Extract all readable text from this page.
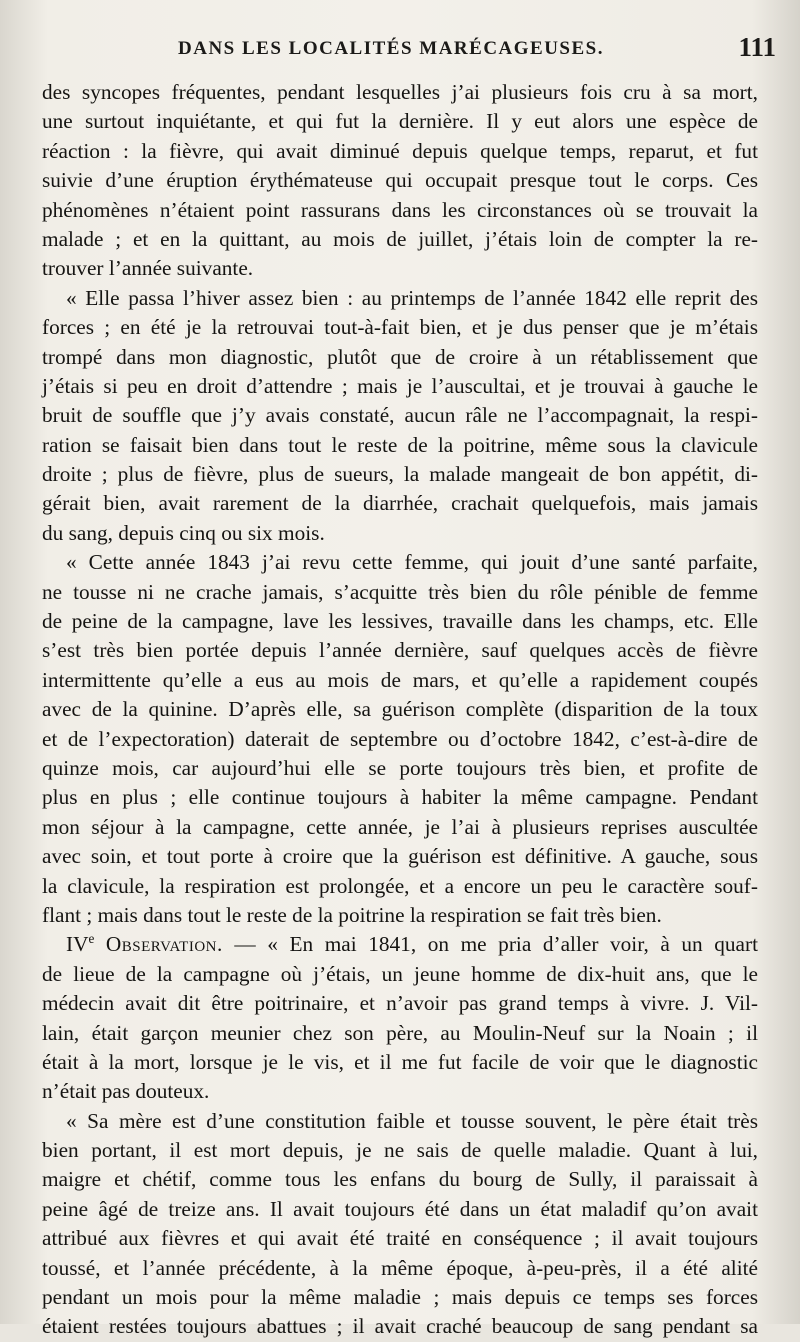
DANS LES LOCALITÉS MARÉCAGEUSES.	111
des syncopes fréquentes, pendant lesquelles j’ai plusieurs fois cru à sa mort,
une surtout inquiétante, et qui fut la dernière. Il y eut alors une espèce de
réaction : la fièvre, qui avait diminué depuis quelque temps, reparut, et fut
suivie d’une éruption érythémateuse qui occupait presque tout le corps. Ces
phénomènes n’étaient point rassurans dans les circonstances où se trouvait la
malade ; et en la quittant, au mois de juillet, j’étais loin de compter la re-
trouver l’année suivante.
« Elle passa l’hiver assez bien : au printemps de l’année 1842 elle reprit des
forces ; en été je la retrouvai tout-à-fait bien, et je dus penser que je m’étais
trompé dans mon diagnostic, plutôt que de croire à un rétablissement que
j’étais si peu en droit d’attendre ; mais je l’auscultai, et je trouvai à gauche le
bruit de souffle que j’y avais constaté, aucun râle ne l’accompagnait, la respi-
ration se faisait bien dans tout le reste de la poitrine, même sous la clavicule
droite ; plus de fièvre, plus de sueurs, la malade mangeait de bon appétit, di-
gérait bien, avait rarement de la diarrhée, crachait quelquefois, mais jamais
du sang, depuis cinq ou six mois.
« Cette année 1843 j’ai revu cette femme, qui jouit d’une santé parfaite,
ne tousse ni ne crache jamais, s’acquitte très bien du rôle pénible de femme
de peine de la campagne, lave les lessives, travaille dans les champs, etc. Elle
s’est très bien portée depuis l’année dernière, sauf quelques accès de fièvre
intermittente qu’elle a eus au mois de mars, et qu’elle a rapidement coupés
avec de la quinine. D’après elle, sa guérison complète (disparition de la toux
et de l’expectoration) daterait de septembre ou d’octobre 1842, c’est-à-dire de
quinze mois, car aujourd’hui elle se porte toujours très bien, et profite de
plus en plus ; elle continue toujours à habiter la même campagne. Pendant
mon séjour à la campagne, cette année, je l’ai à plusieurs reprises auscultée
avec soin, et tout porte à croire que la guérison est définitive. A gauche, sous
la clavicule, la respiration est prolongée, et a encore un peu le caractère souf-
flant ; mais dans tout le reste de la poitrine la respiration se fait très bien.
IVe Observation. — « En mai 1841, on me pria d’aller voir, à un quart
de lieue de la campagne où j’étais, un jeune homme de dix-huit ans, que le
médecin avait dit être poitrinaire, et n’avoir pas grand temps à vivre. J. Vil-
lain, était garçon meunier chez son père, au Moulin-Neuf sur la Noain ; il
était à la mort, lorsque je le vis, et il me fut facile de voir que le diagnostic
n’était pas douteux.
« Sa mère est d’une constitution faible et tousse souvent, le père était très
bien portant, il est mort depuis, je ne sais de quelle maladie. Quant à lui,
maigre et chétif, comme tous les enfans du bourg de Sully, il paraissait à
peine âgé de treize ans. Il avait toujours été dans un état maladif qu’on avait
attribué aux fièvres et qui avait été traité en conséquence ; il avait toujours
toussé, et l’année précédente, à la même époque, à-peu-près, il a été alité
pendant un mois pour la même maladie ; mais depuis ce temps ses forces
étaient restées toujours abattues ; il avait craché beaucoup de sang pendant sa
